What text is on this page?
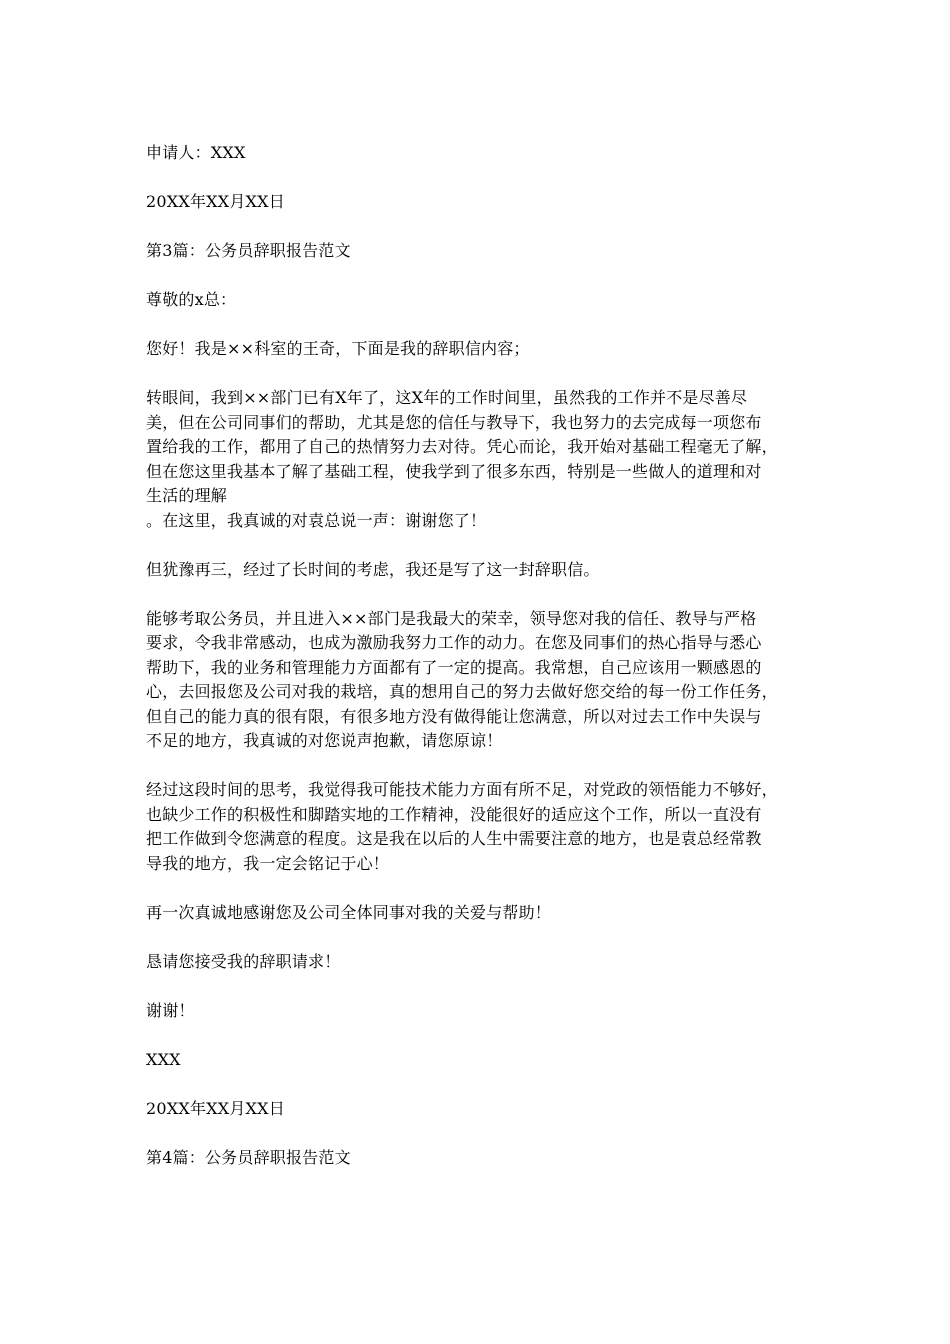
申请人：XXX

20XX年XX月XX日

第3篇：公务员辞职报告范文

尊敬的x总：

您好！我是××科室的王奇，下面是我的辞职信内容；

转眼间，我到××部门已有X年了，这X年的工作时间里，虽然我的工作并不是尽善尽
美，但在公司同事们的帮助，尤其是您的信任与教导下，我也努力的去完成每一项您布
置给我的工作，都用了自己的热情努力去对待。凭心而论，我开始对基础工程毫无了解，
但在您这里我基本了解了基础工程，使我学到了很多东西，特别是一些做人的道理和对
生活的理解
。在这里，我真诚的对袁总说一声：谢谢您了！

但犹豫再三，经过了长时间的考虑，我还是写了这一封辞职信。

能够考取公务员，并且进入××部门是我最大的荣幸，领导您对我的信任、教导与严格
要求，令我非常感动，也成为激励我努力工作的动力。在您及同事们的热心指导与悉心
帮助下，我的业务和管理能力方面都有了一定的提高。我常想，自己应该用一颗感恩的
心，去回报您及公司对我的栽培，真的想用自己的努力去做好您交给的每一份工作任务，
但自己的能力真的很有限，有很多地方没有做得能让您满意，所以对过去工作中失误与
不足的地方，我真诚的对您说声抱歉，请您原谅！

经过这段时间的思考，我觉得我可能技术能力方面有所不足，对党政的领悟能力不够好，
也缺少工作的积极性和脚踏实地的工作精神，没能很好的适应这个工作，所以一直没有
把工作做到令您满意的程度。这是我在以后的人生中需要注意的地方，也是袁总经常教
导我的地方，我一定会铭记于心！

再一次真诚地感谢您及公司全体同事对我的关爱与帮助！

恳请您接受我的辞职请求！

谢谢！

XXX

20XX年XX月XX日

第4篇：公务员辞职报告范文
